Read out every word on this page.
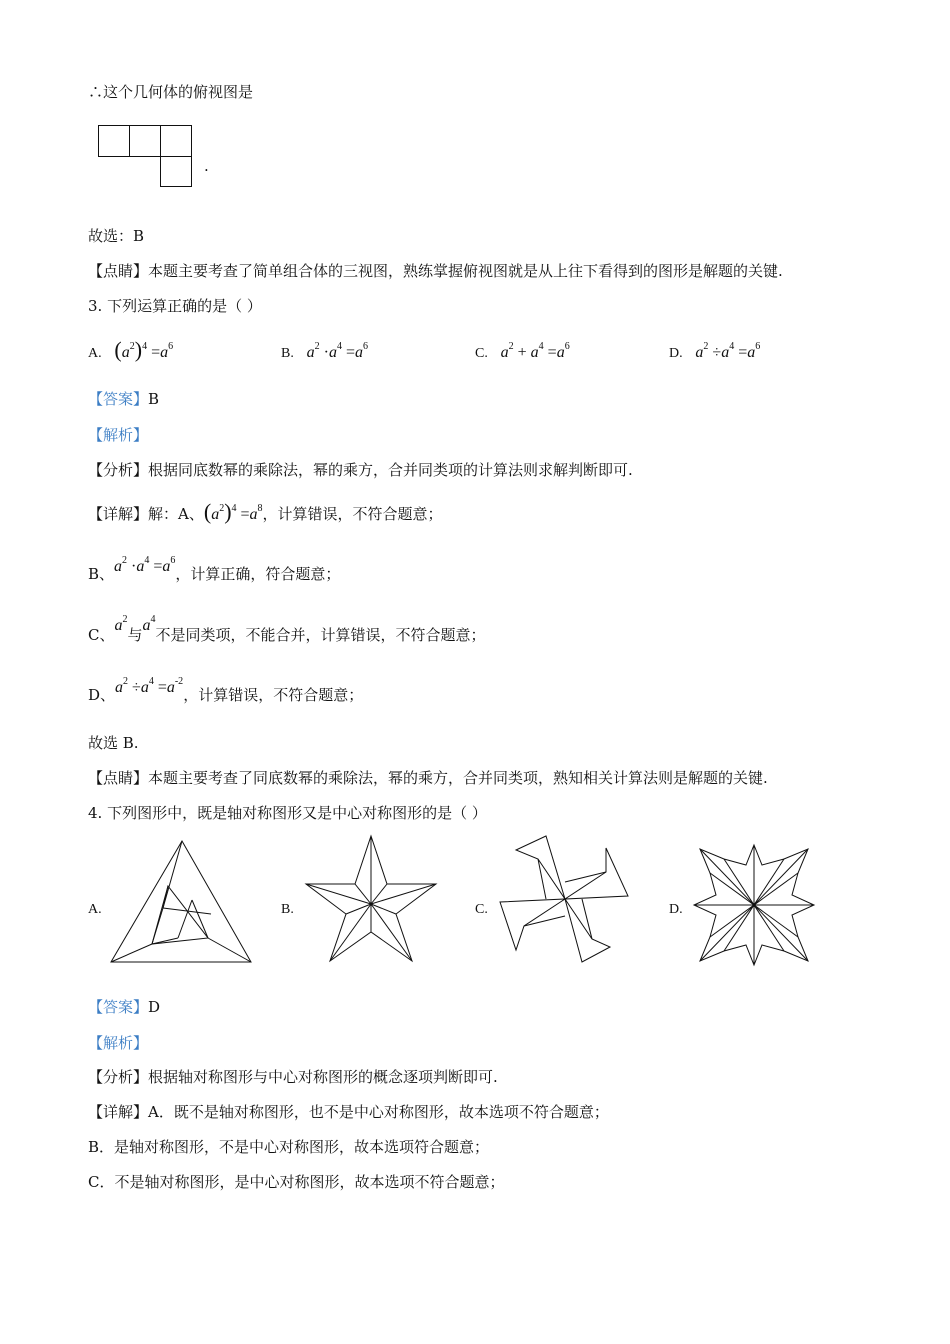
∴这个几何体的俯视图是
.
故选：B
【点睛】本题主要考查了简单组合体的三视图，熟练掌握俯视图就是从上往下看得到的图形是解题的关键.
3. 下列运算正确的是（ ）
A. $(a^2)^4 =a^6$	B. $a^2 \cdot a^4 =a^6$	C. $a^2 + a^4 =a^6$	D. $a^2 \div a^4 =a^6$
【答案】B
【解析】
【分析】根据同底数幂的乘除法，幂的乘方，合并同类项的计算法则求解判断即可.
【详解】解：A、$(a^2)^4 =a^8$，计算错误，不符合题意；
B、$a^2 \cdot a^4 =a^6$，计算正确，符合题意；
C、$a^2$与$a^4$不是同类项，不能合并，计算错误，不符合题意；
D、$a^2 \div a^4 =a^{-2}$，计算错误，不符合题意；
故选 B.
【点睛】本题主要考查了同底数幂的乘除法，幂的乘方，合并同类项，熟知相关计算法则是解题的关键.
4. 下列图形中，既是轴对称图形又是中心对称图形的是（ ）
A.	B.	C.	D.
【答案】D
【解析】
【分析】根据轴对称图形与中心对称图形的概念逐项判断即可.
【详解】A．既不是轴对称图形，也不是中心对称图形，故本选项不符合题意；
B．是轴对称图形，不是中心对称图形，故本选项符合题意；
C．不是轴对称图形，是中心对称图形，故本选项不符合题意；
